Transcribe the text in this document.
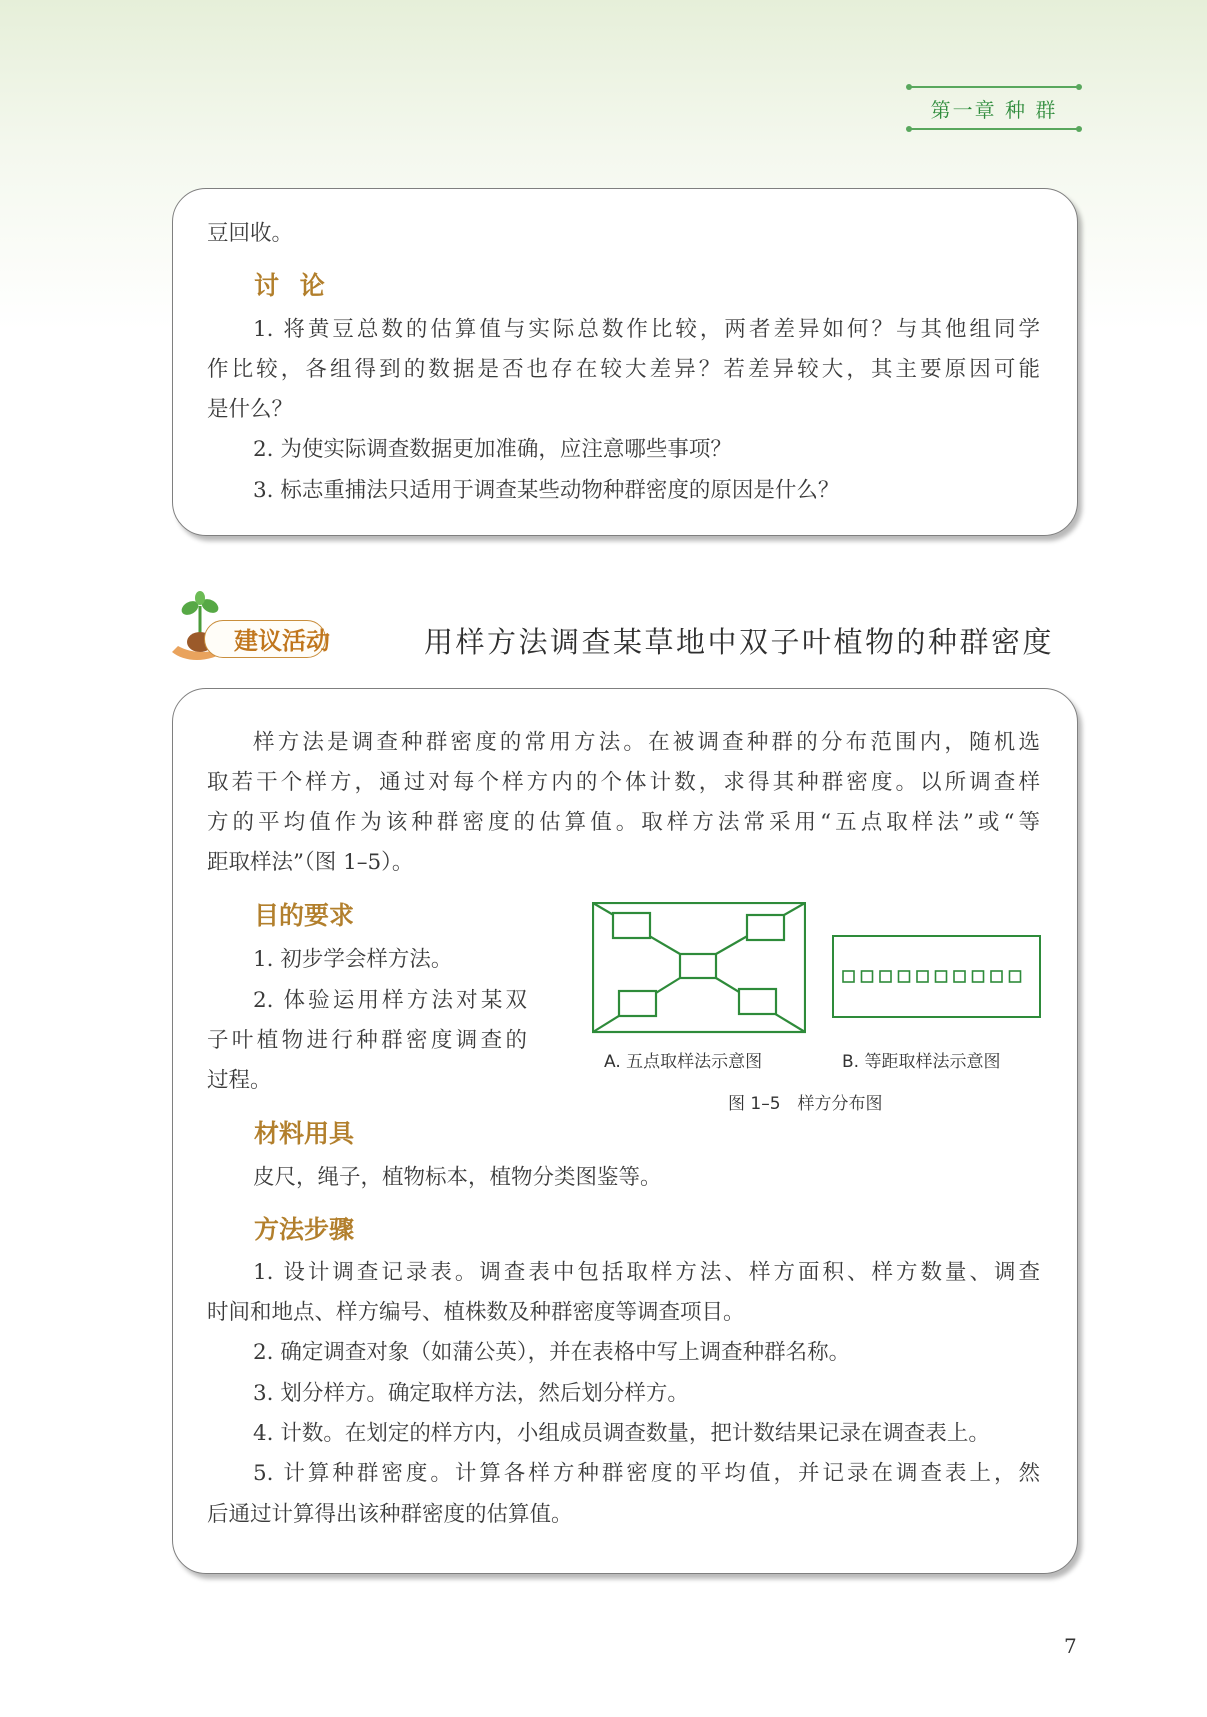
第一章 种 群
豆回收。
讨 论
1. 将黄豆总数的估算值与实际总数作比较，两者差异如何？与其他组同学
作比较，各组得到的数据是否也存在较大差异？若差异较大，其主要原因可能
是什么？
2. 为使实际调查数据更加准确，应注意哪些事项？
3. 标志重捕法只适用于调查某些动物种群密度的原因是什么？
建议活动	用样方法调查某草地中双子叶植物的种群密度
样方法是调查种群密度的常用方法。在被调查种群的分布范围内，随机选
取若干个样方，通过对每个样方内的个体计数，求得其种群密度。以所调查样
方的平均值作为该种群密度的估算值。取样方法常采用“五点取样法”或“等
距取样法”（图 1–5）。
目的要求
1. 初步学会样方法。
2. 体验运用样方法对某双
子叶植物进行种群密度调查的
过程。
A. 五点取样法示意图	B. 等距取样法示意图
图 1–5　样方分布图
材料用具
皮尺，绳子，植物标本，植物分类图鉴等。
方法步骤
1. 设计调查记录表。调查表中包括取样方法、样方面积、样方数量、调查
时间和地点、样方编号、植株数及种群密度等调查项目。
2. 确定调查对象（如蒲公英），并在表格中写上调查种群名称。
3. 划分样方。确定取样方法，然后划分样方。
4. 计数。在划定的样方内，小组成员调查数量，把计数结果记录在调查表上。
5. 计算种群密度。计算各样方种群密度的平均值，并记录在调查表上，然
后通过计算得出该种群密度的估算值。
7
